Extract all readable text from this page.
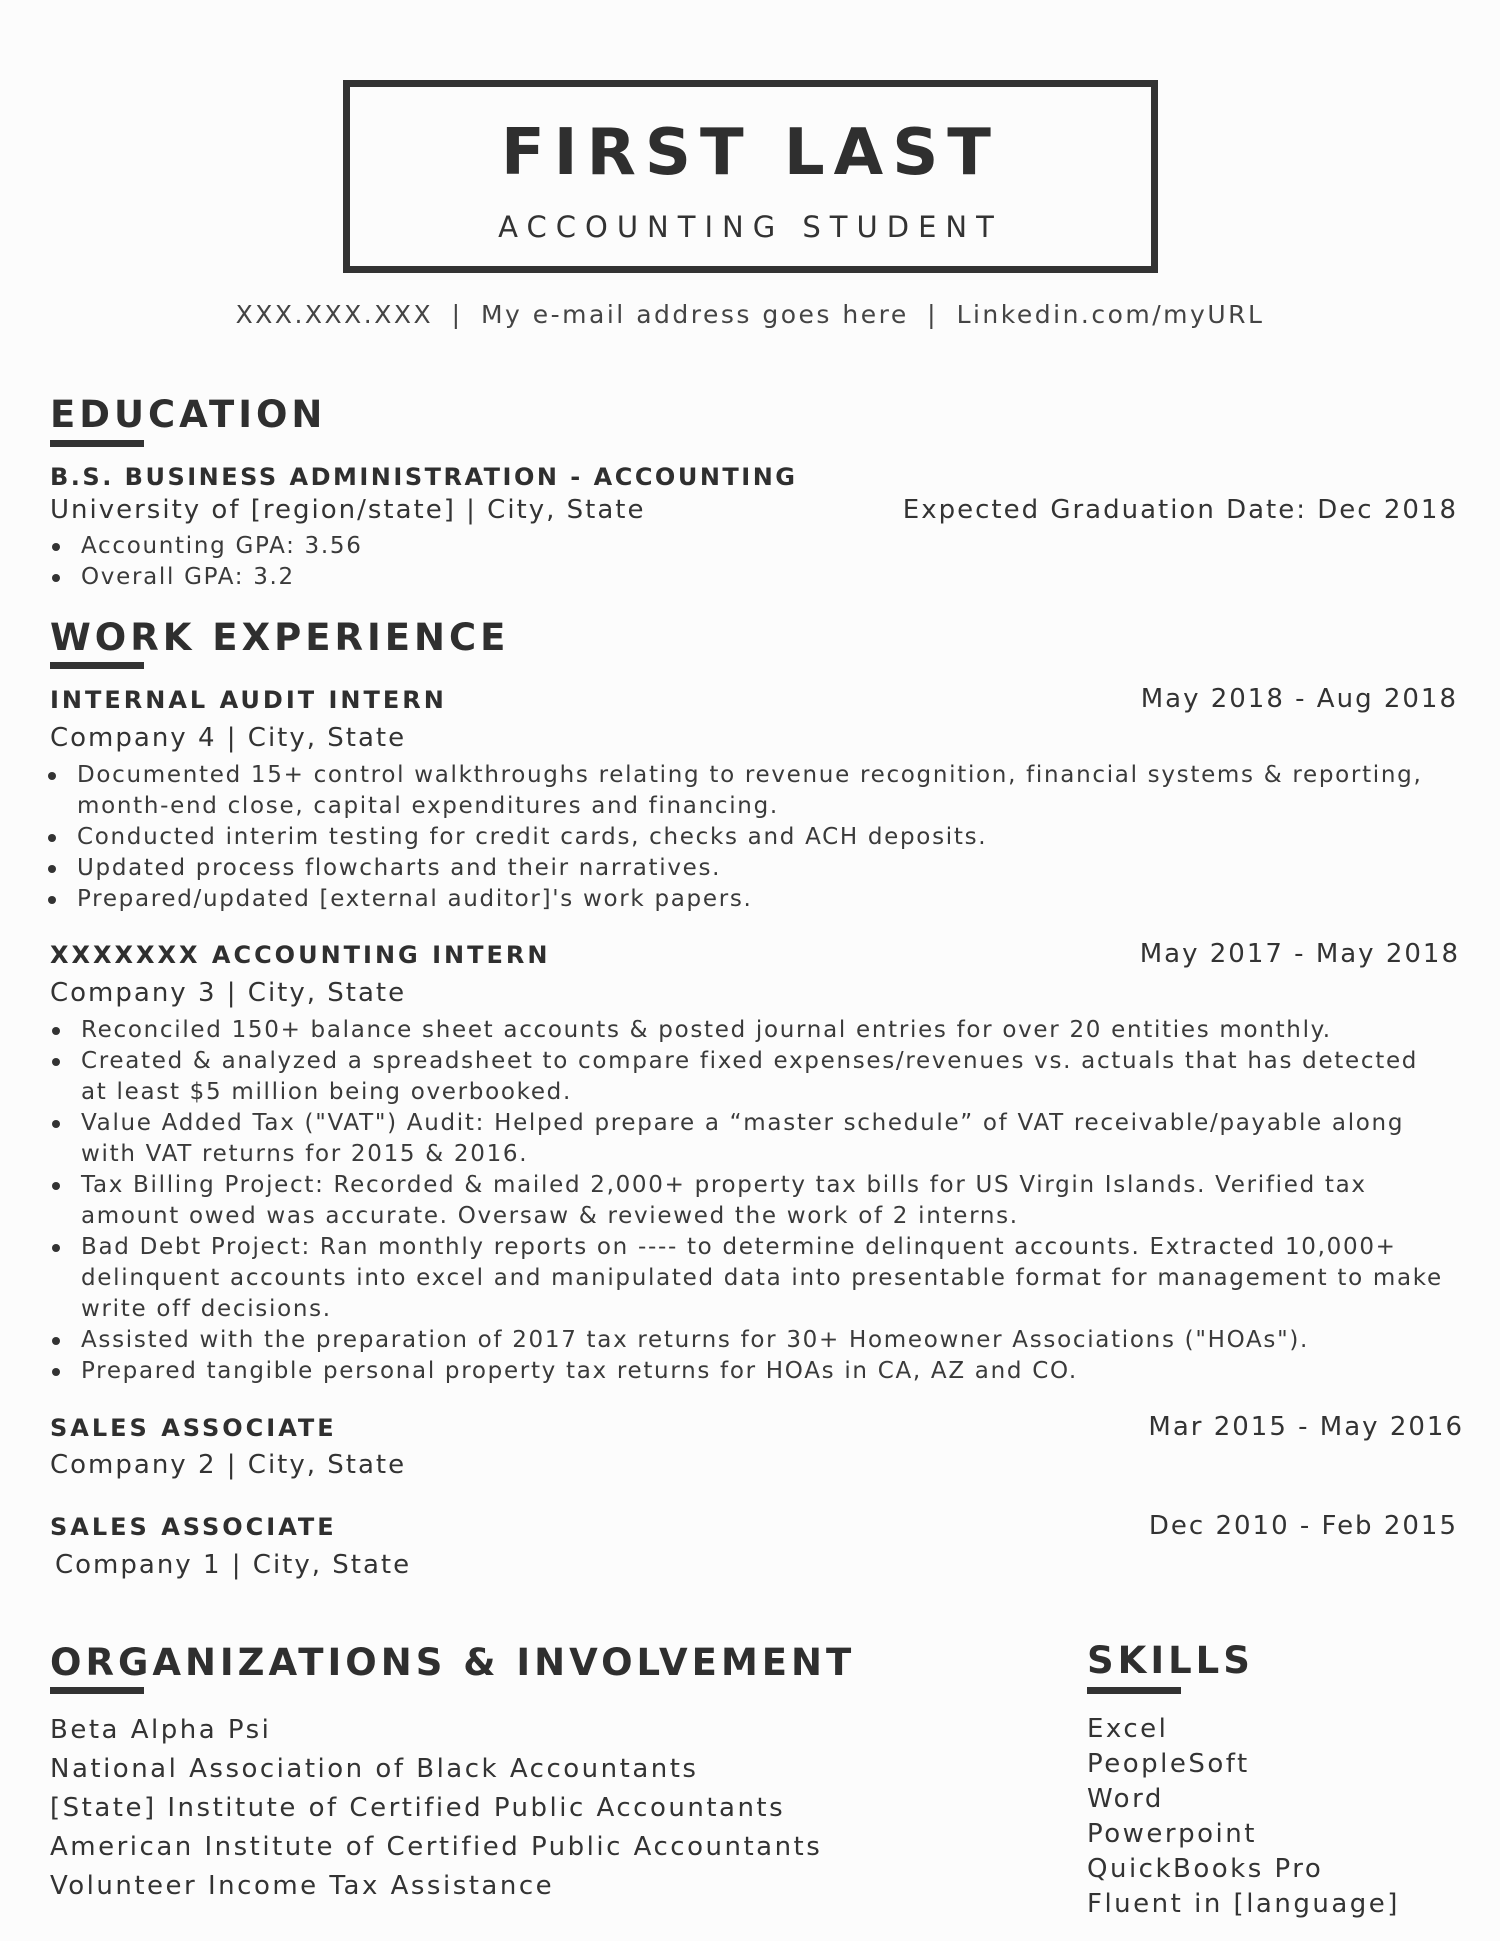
FIRST LAST
ACCOUNTING STUDENT
XXX.XXX.XXX | My e-mail address goes here | Linkedin.com/myURL
EDUCATION
B.S. BUSINESS ADMINISTRATION - ACCOUNTING
University of [region/state] | City, State	Expected Graduation Date: Dec 2018
Accounting GPA: 3.56
Overall GPA: 3.2
WORK EXPERIENCE
INTERNAL AUDIT INTERN	May 2018 - Aug 2018
Company 4 | City, State
Documented 15+ control walkthroughs relating to revenue recognition, financial systems & reporting, month-end close, capital expenditures and financing.
Conducted interim testing for credit cards, checks and ACH deposits.
Updated process flowcharts and their narratives.
Prepared/updated [external auditor]'s work papers.
XXXXXXX ACCOUNTING INTERN	May 2017 - May 2018
Company 3 | City, State
Reconciled 150+ balance sheet accounts & posted journal entries for over 20 entities monthly.
Created & analyzed a spreadsheet to compare fixed expenses/revenues vs. actuals that has detected at least $5 million being overbooked.
Value Added Tax ("VAT") Audit: Helped prepare a “master schedule” of VAT receivable/payable along with VAT returns for 2015 & 2016.
Tax Billing Project: Recorded & mailed 2,000+ property tax bills for US Virgin Islands. Verified tax amount owed was accurate. Oversaw & reviewed the work of 2 interns.
Bad Debt Project: Ran monthly reports on ---- to determine delinquent accounts. Extracted 10,000+ delinquent accounts into excel and manipulated data into presentable format for management to make write off decisions.
Assisted with the preparation of 2017 tax returns for 30+ Homeowner Associations ("HOAs").
Prepared tangible personal property tax returns for HOAs in CA, AZ and CO.
SALES ASSOCIATE	Mar 2015 - May 2016
Company 2 | City, State
SALES ASSOCIATE	Dec 2010 - Feb 2015
Company 1 | City, State
ORGANIZATIONS & INVOLVEMENT
Beta Alpha Psi
National Association of Black Accountants
[State] Institute of Certified Public Accountants
American Institute of Certified Public Accountants
Volunteer Income Tax Assistance
SKILLS
Excel
PeopleSoft
Word
Powerpoint
QuickBooks Pro
Fluent in [language]
